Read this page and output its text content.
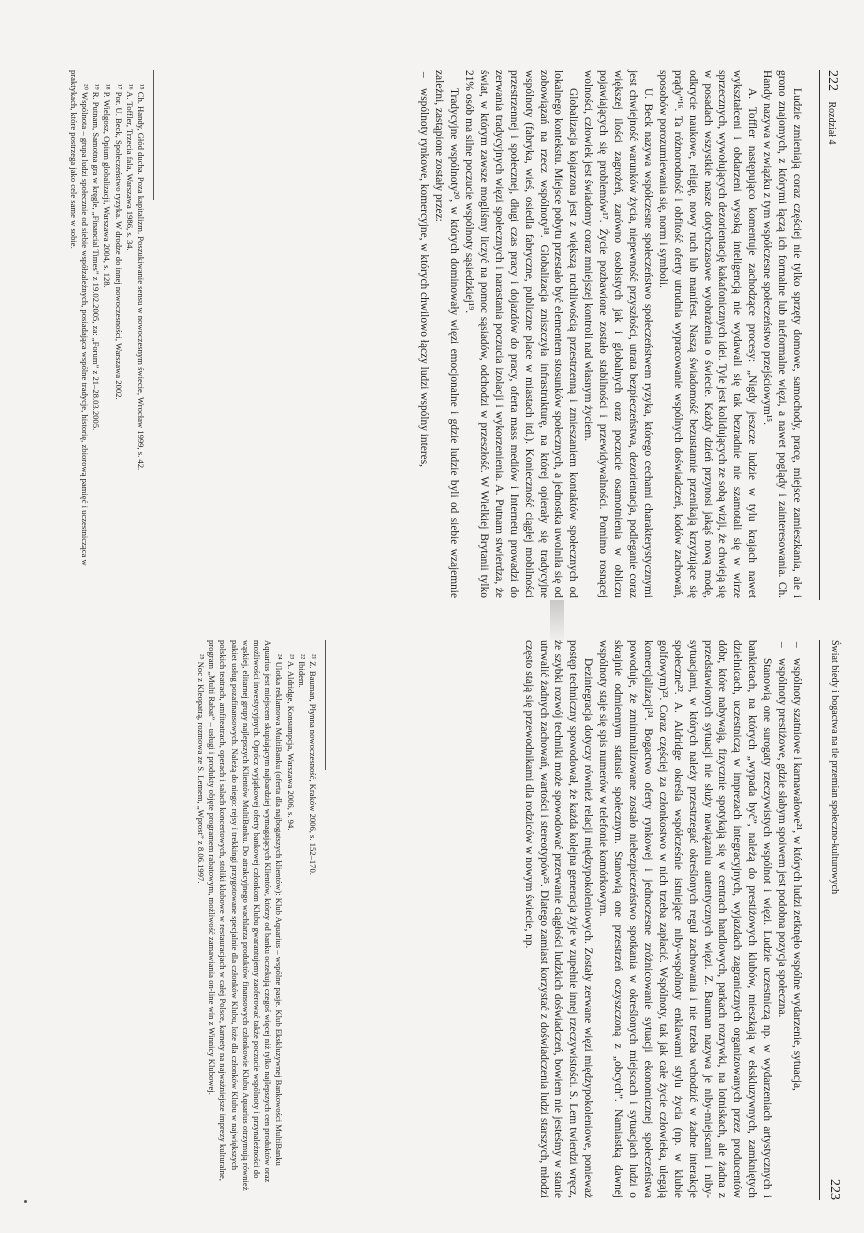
222 Rozdział 4

Ludzie zmieniają coraz częściej nie tylko sprzęty domowe, samochody, pracę, miejsce zamieszkania, ale i grono znajomych, z którymi łączą ich formalne lub nieformalne więzi, a nawet poglądy i zainteresowania. Ch. Handy nazywa w związku z tym współczesne społeczeństwo przejściowym¹⁵.

A. Toffler następująco komentuje zachodzące procesy: „Nigdy jeszcze ludzie w tylu krajach nawet wykształceni i obdarzeni wysoką inteligencją nie wydawali się tak bezradnie nie szamotali się w wirze sprzecznych, wywołujących dezorientację kakafonicznych idei. Tyle jest kolidujących ze sobą wizji, że chwieją się w posadach wszystkie nasze dotychczasowe wyobrażenia o świecie. Każdy dzień przynosi jakąś nową modę, odkrycie naukowe, religię, nowy ruch lub manifest. Naszą świadomość bezustannie przenikają krzyżujące się prądy”¹⁶. Ta różnorodność i obfitość oferty utrudnia wypracowanie wspólnych doświadczeń, kodów zachowań, sposobów porozumiewania się, norm i symboli.

U. Beck nazywa współczesne społeczeństwo społeczeństwem ryzyka, którego cechami charakterystycznymi jest chwiejność warunków życia, niepewność przyszłości, utrata bezpieczeństwa, dezorientacja, podleganie coraz większej ilości zagrożeń, zarówno osobistych jak i globalnych oraz poczucie osamotnienia w obliczu pojawiających się problemów¹⁷. Życie pozbawione zostało stabilności i przewidywalności. Pomimo rosnącej wolności, człowiek jest świadomy coraz mniejszej kontroli nad własnym życiem.

Globalizacja kojarzona jest z większą ruchliwością przestrzenną i zmieszaniem kontaktów społecznych od lokalnego kontekstu. Miejsce pobytu przestało być elementem stosunków społecznych, a jednostka uwolniła się od zobowiązań na rzecz wspólnoty¹⁸. Globalizacja zniszczyła infrastrukturę, na której opierały się tradycyjne wspólnoty (fabryka, wieś, osiedla fabryczne, publiczne place w miastach itd.). Konieczność ciągłej mobilności przestrzennej i społecznej, długi czas pracy i dojazdów do pracy, oferta mass mediów i Internetu prowadzi do zerwania tradycyjnych więzi społecznych i narastania poczucia izolacji i wykorzenienia. A. Putnam stwierdza, że świat, w którym zawsze mogliśmy liczyć na pomoc sąsiadów, odchodzi w przeszłość. W Wielkiej Brytanii tylko 21% osób ma silne poczucie wspólnoty sąsiedzkiej¹⁹.

Tradycyjne wspólnoty²⁰, w których dominowały więzi emocjonalne i gdzie ludzie byli od siebie wzajemnie zależni, zastąpione zostały przez:

– wspólnoty rynkowe, komercyjne, w których chwilowo łączy ludzi wspólny interes,
¹⁵ Ch. Handy, Głód ducha. Poza kapitalizm. Poszukiwanie sensu w nowoczesnym świecie, Wrocław 1999, s. 42.
¹⁶ A. Toffler, Trzecia fala, Warszawa 1986, s. 34.
¹⁷ Por. U. Beck, Społeczeństwo ryzyka. W drodze do innej nowoczesności, Warszawa 2002.
¹⁸ P. Wielgosz, Opium globalizacji, Warszawa 2004, s. 128.
¹⁹ R. Putnam, Samotna gra w kręgle, „Financial Times” z 19.02.2005, za: „Forum” z 21–28.03.2005.
²⁰ Wspólnota – grupa ludzi społecznie od siebie współzależnych, posiadająca wspólne tradycje, historię, zbiorową pamięć i uczestnicząca w praktykach, które postrzega jako cele same w sobie.
Świat biedy i bogactwa na tle przemian społeczno-kulturowych
223
– wspólnoty szatniowe i karnawałowe²¹, w których ludzi zetknęło wspólne wydarzenie, sytuacja,
– wspólnoty prestiżowe, gdzie słabym spoiwem jest podobna pozycja społeczna.

Stanowią one surogaty rzeczywistych wspólnot i więzi. Ludzie uczestniczą np. w wydarzeniach artystycznych i bankietach, na których „wypada być”, należą do prestiżowych klubów, mieszkają w ekskluzywnych, zamkniętych dzielnicach, uczestniczą w imprezach integracyjnych, wyjazdach zagranicznych organizowanych przez producentów dóbr, które nabywają, fizycznie spotykają się w centrach handlowych, parkach rozrywki, na lotniskach, ale żadna z przedstawionych sytuacji nie służy nawiązaniu autentycznych więzi. Z. Bauman nazywa je niby-miejscami i niby-sytuacjami, w których należy przestrzegać określonych reguł zachowania i nie trzeba wchodzić w żadne interakcje społeczne²². A. Aldridge określa współcześnie istniejące niby-wspólnoty enklawami stylu życia (np. w klubie golfowym)²³. Coraz częściej za członkostwo w nich trzeba zapłacić. Wspólnoty, tak jak całe życie człowieka, ulegają komercjalizacji²⁴. Bogactwo oferty rynkowej i jednoczesne zróżnicowanie sytuacji ekonomicznej społeczeństwa powoduje, że zminimalizowane zostało niebezpieczeństwo spotkania w określonych miejscach i sytuacjach ludzi o skrajnie odmiennym statusie społecznym. Stanowią one przestrzeń oczyszczoną z „obcych”. Namiastką dawnej wspólnoty staje się spis numerów w telefonie komórkowym.

Dezintegracja dotyczy również relacji międzypokoleniowych. Zostały zerwane więzi międzypokoleniowe, ponieważ postęp techniczny spowodował, że każda kolejna generacja żyje w zupełnie innej rzeczywistości. S. Lem twierdzi wręcz, że szybki rozwój techniki może spowodować przerwanie ciągłości ludzkich doświadczeń, bowiem nie jesteśmy w stanie utrwalić żadnych zachowań, wartości i stereotypów²⁵. Dlatego zamiast korzystać z doświadczenia ludzi starszych, młodzi często stają się przewodnikami dla rodziców w nowym świecie, np.

²¹ Z. Bauman, Płynna nowoczesność, Kraków 2006, s. 152–170.
²² Ibidem.
²³ A. Aldridge, Konsumpcja, Warszawa 2006, s. 94.
²⁴ Ulotka reklamowa MultiBanku (oferta dla najbogatszych klientów): Klub Aquarius – wspólne pasje. Klub Ekskluzywnej Bankowości MultiBanku Aquarius jest miejscem skupiającym najbardziej wymagających Klientów, którzy od banku oczekują czegoś więcej niż tylko najlepszych cen produktów oraz możliwości inwestycyjnych. Oprócz wyjątkowej oferty bankowej członkom Klubu gwarantujemy zaoferować także poczucie wspólnoty i przynależności do wąskiej, elitarnej grupy najlepszych Klientów MultiBanku. Do atrakcyjnego wachlarza produktów finansowych członkowie Klubu Aquarius otrzymują również pakiet usług pozafinansowych. Należą do niego: rejsy i trekkingi przygotowane specjalnie dla członków Klubu, loże dla członków Klubu w największych polskich teatrach, amfiteatrach, operach i salach koncertowych, stoliki klubowe w restauracjach w całej Polsce, karnety na najważniejsze imprezy kulturalne, program „Multi Rabat” – usługi i produkty objęte programem rabatowym, możliwość zamawiania on-line win z Winnicy Klubowej.
²⁵ Noc z Kleopatrą, rozmowa ze S. Lemem, „Wprost” z 8.06.1997.
